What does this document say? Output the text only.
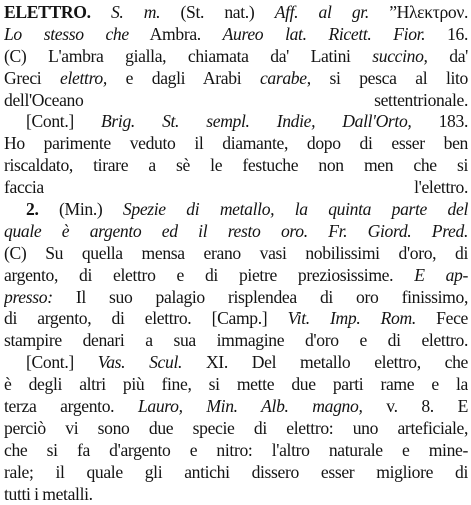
ELETTRO. S. m. (St. nat.) Aff. al gr. ”Ηλεκτρον.
Lo stesso che Ambra. Aureo lat. Ricett. Fior. 16.
(C) L'ambra gialla, chiamata da' Latini succino, da'
Greci elettro, e dagli Arabi carabe, si pesca al lito
dell'Oceano settentrionale.
[Cont.] Brig. St. sempl. Indie, Dall'Orto, 183.
Ho parimente veduto il diamante, dopo di esser ben
riscaldato, tirare a sè le festuche non men che si
faccia l'elettro.
2. (Min.) Spezie di metallo, la quinta parte del
quale è argento ed il resto oro. Fr. Giord. Pred.
(C) Su quella mensa erano vasi nobilissimi d'oro, di
argento, di elettro e di pietre preziosissime. E ap-
presso: Il suo palagio risplendea di oro finissimo,
di argento, di elettro. [Camp.] Vit. Imp. Rom. Fece
stampire denari a sua immagine d'oro e di elettro.
[Cont.] Vas. Scul. XI. Del metallo elettro, che
è degli altri più fine, si mette due parti rame e la
terza argento. Lauro, Min. Alb. magno, v. 8. E
perciò vi sono due specie di elettro: uno arteficiale,
che si fa d'argento e nitro: l'altro naturale e mine-
rale; il quale gli antichi dissero esser migliore di
tutti i metalli.
